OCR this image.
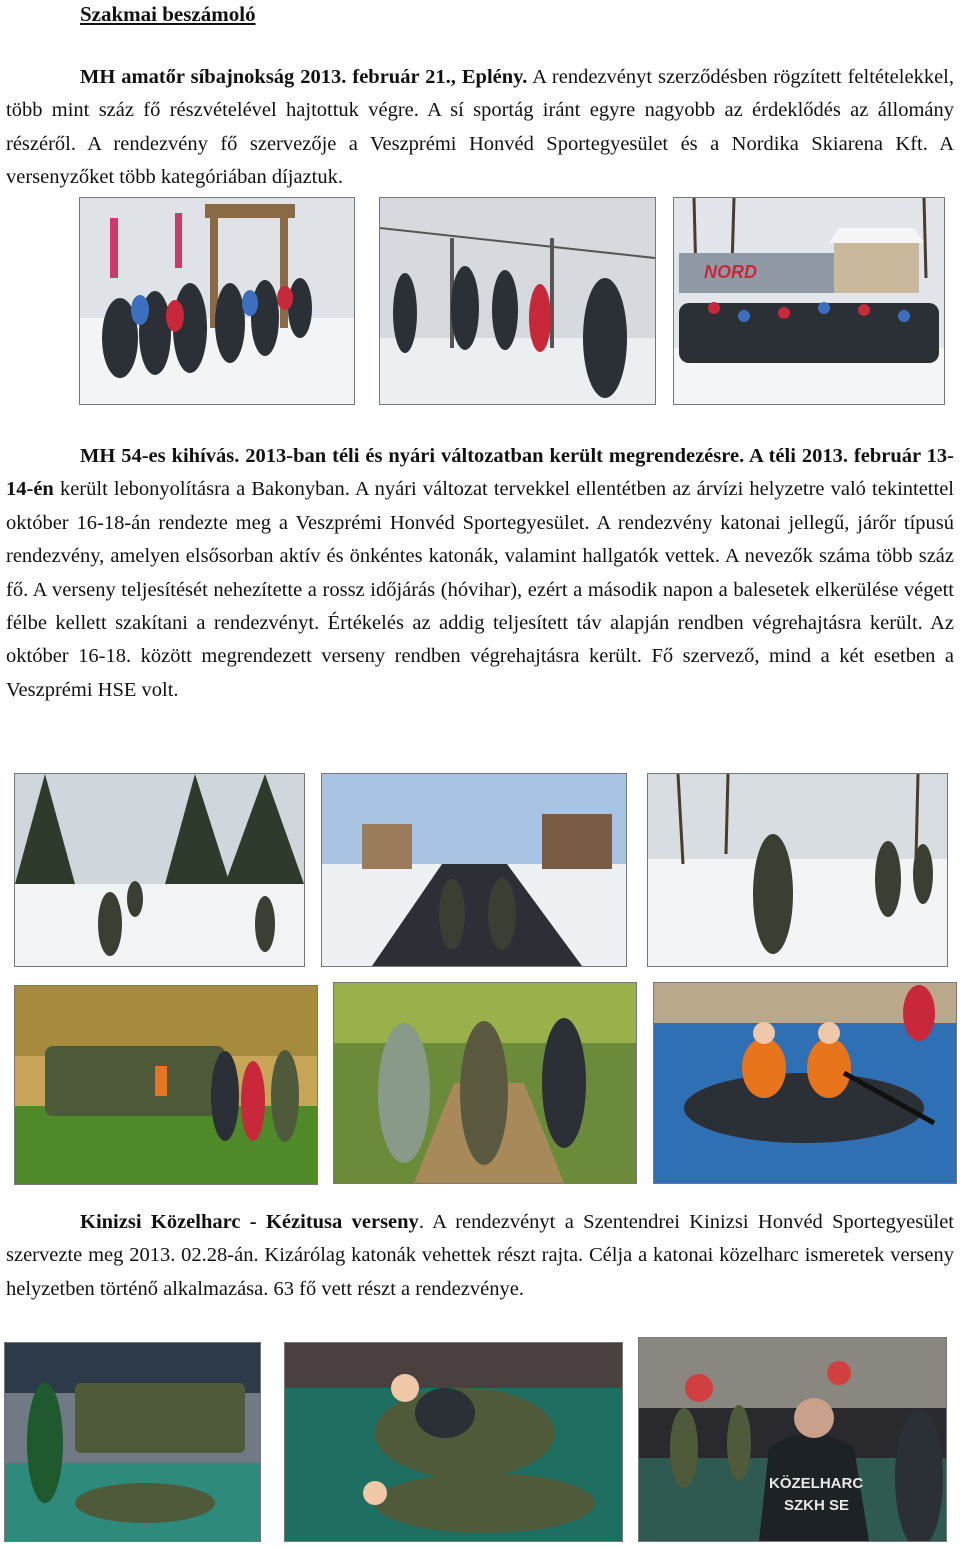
Szakmai beszámoló

MH amatőr síbajnokság 2013. február 21., Eplény. A rendezvényt szerződésben rögzített feltételekkel, több mint száz fő részvételével hajtottuk végre. A sí sportág iránt egyre nagyobb az érdeklődés az állomány részéről. A rendezvény fő szervezője a Veszprémi Honvéd Sportegyesület és a Nordika Skiarena Kft. A versenyzőket több kategóriában díjaztuk.

NORD

MH 54-es kihívás. 2013-ban téli és nyári változatban került megrendezésre. A téli 2013. február 13-14-én került lebonyolításra a Bakonyban. A nyári változat tervekkel ellentétben az árvízi helyzetre való tekintettel október 16-18-án rendezte meg a Veszprémi Honvéd Sportegyesület. A rendezvény katonai jellegű, járőr típusú rendezvény, amelyen elsősorban aktív és önkéntes katonák, valamint hallgatók vettek. A nevezők száma több száz fő. A verseny teljesítését nehezítette a rossz időjárás (hóvihar), ezért a második napon a balesetek elkerülése végett félbe kellett szakítani a rendezvényt. Értékelés az addig teljesített táv alapján rendben végrehajtásra került. Az október 16-18. között megrendezett verseny rendben végrehajtásra került. Fő szervező, mind a két esetben a Veszprémi HSE volt.

Kinizsi Közelharc - Kézitusa verseny. A rendezvényt a Szentendrei Kinizsi Honvéd Sportegyesület szervezte meg 2013. 02.28-án. Kizárólag katonák vehettek részt rajta. Célja a katonai közelharc ismeretek verseny helyzetben történő alkalmazása. 63 fő vett részt a rendezvénye.

KÖZELHARC
SZKH SE
